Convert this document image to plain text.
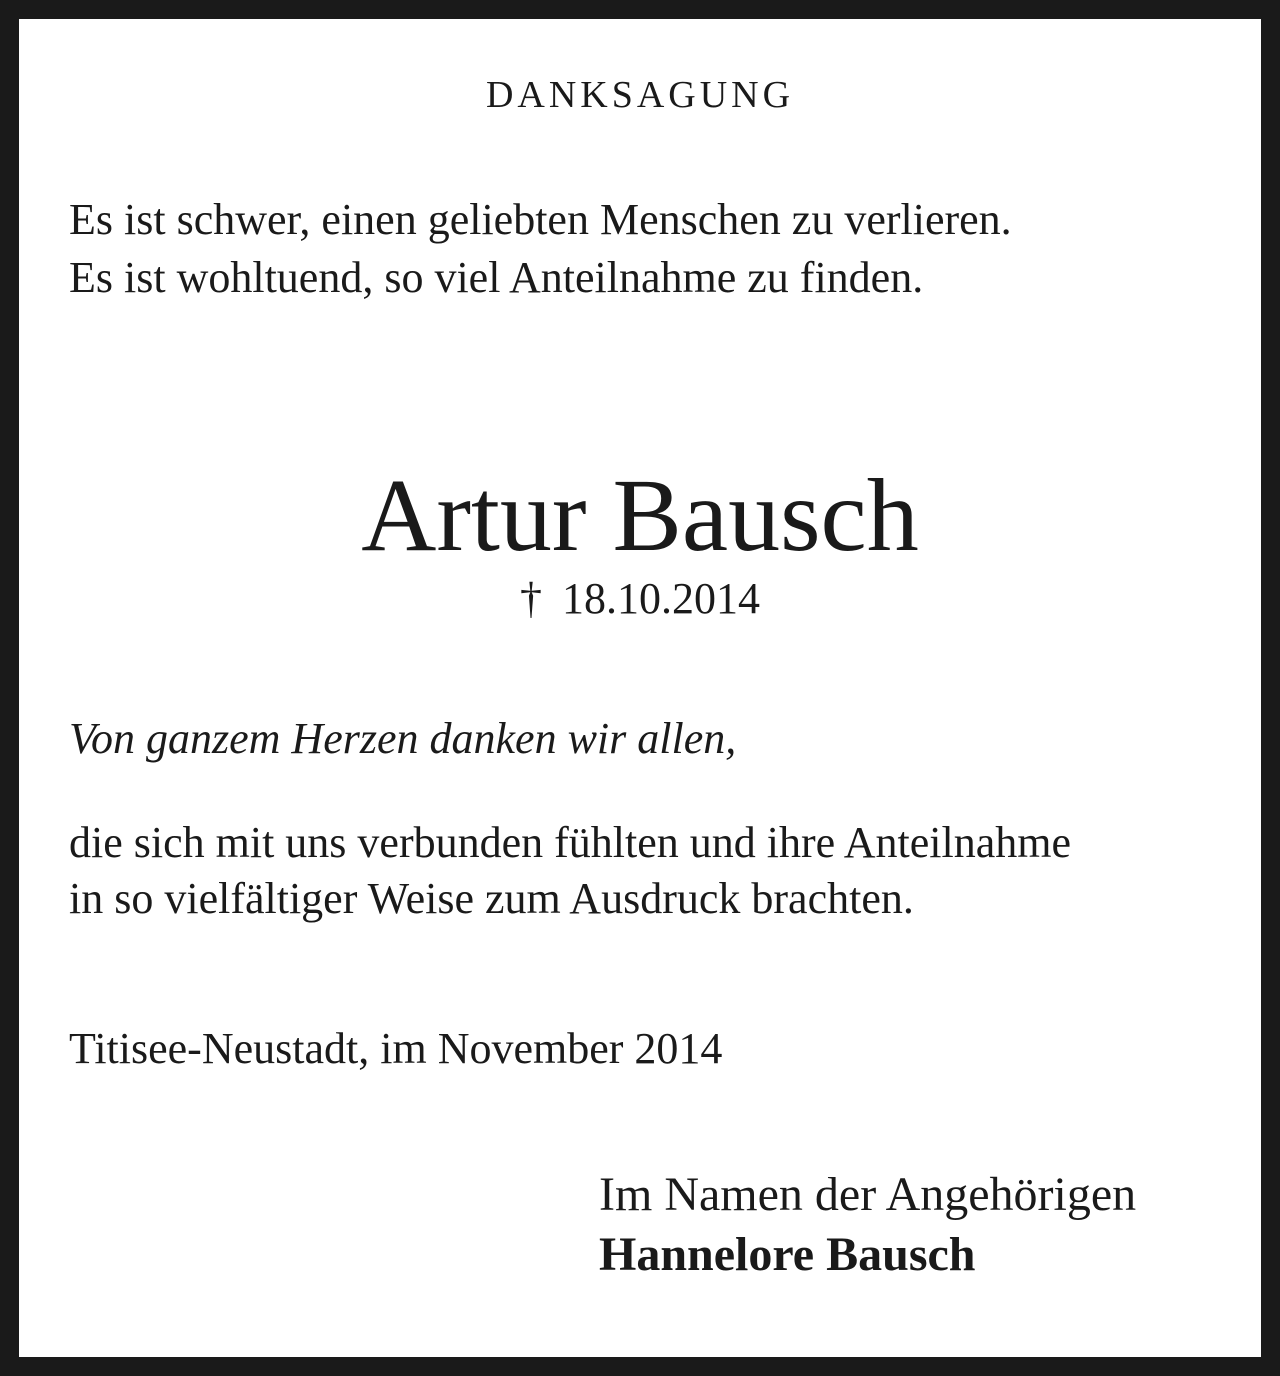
DANKSAGUNG
Es ist schwer, einen geliebten Menschen zu verlieren.
Es ist wohltuend, so viel Anteilnahme zu finden.
Artur Bausch
† 18.10.2014
Von ganzem Herzen danken wir allen,
die sich mit uns verbunden fühlten und ihre Anteilnahme
in so vielfältiger Weise zum Ausdruck brachten.
Titisee-Neustadt, im November 2014
Im Namen der Angehörigen
Hannelore Bausch
